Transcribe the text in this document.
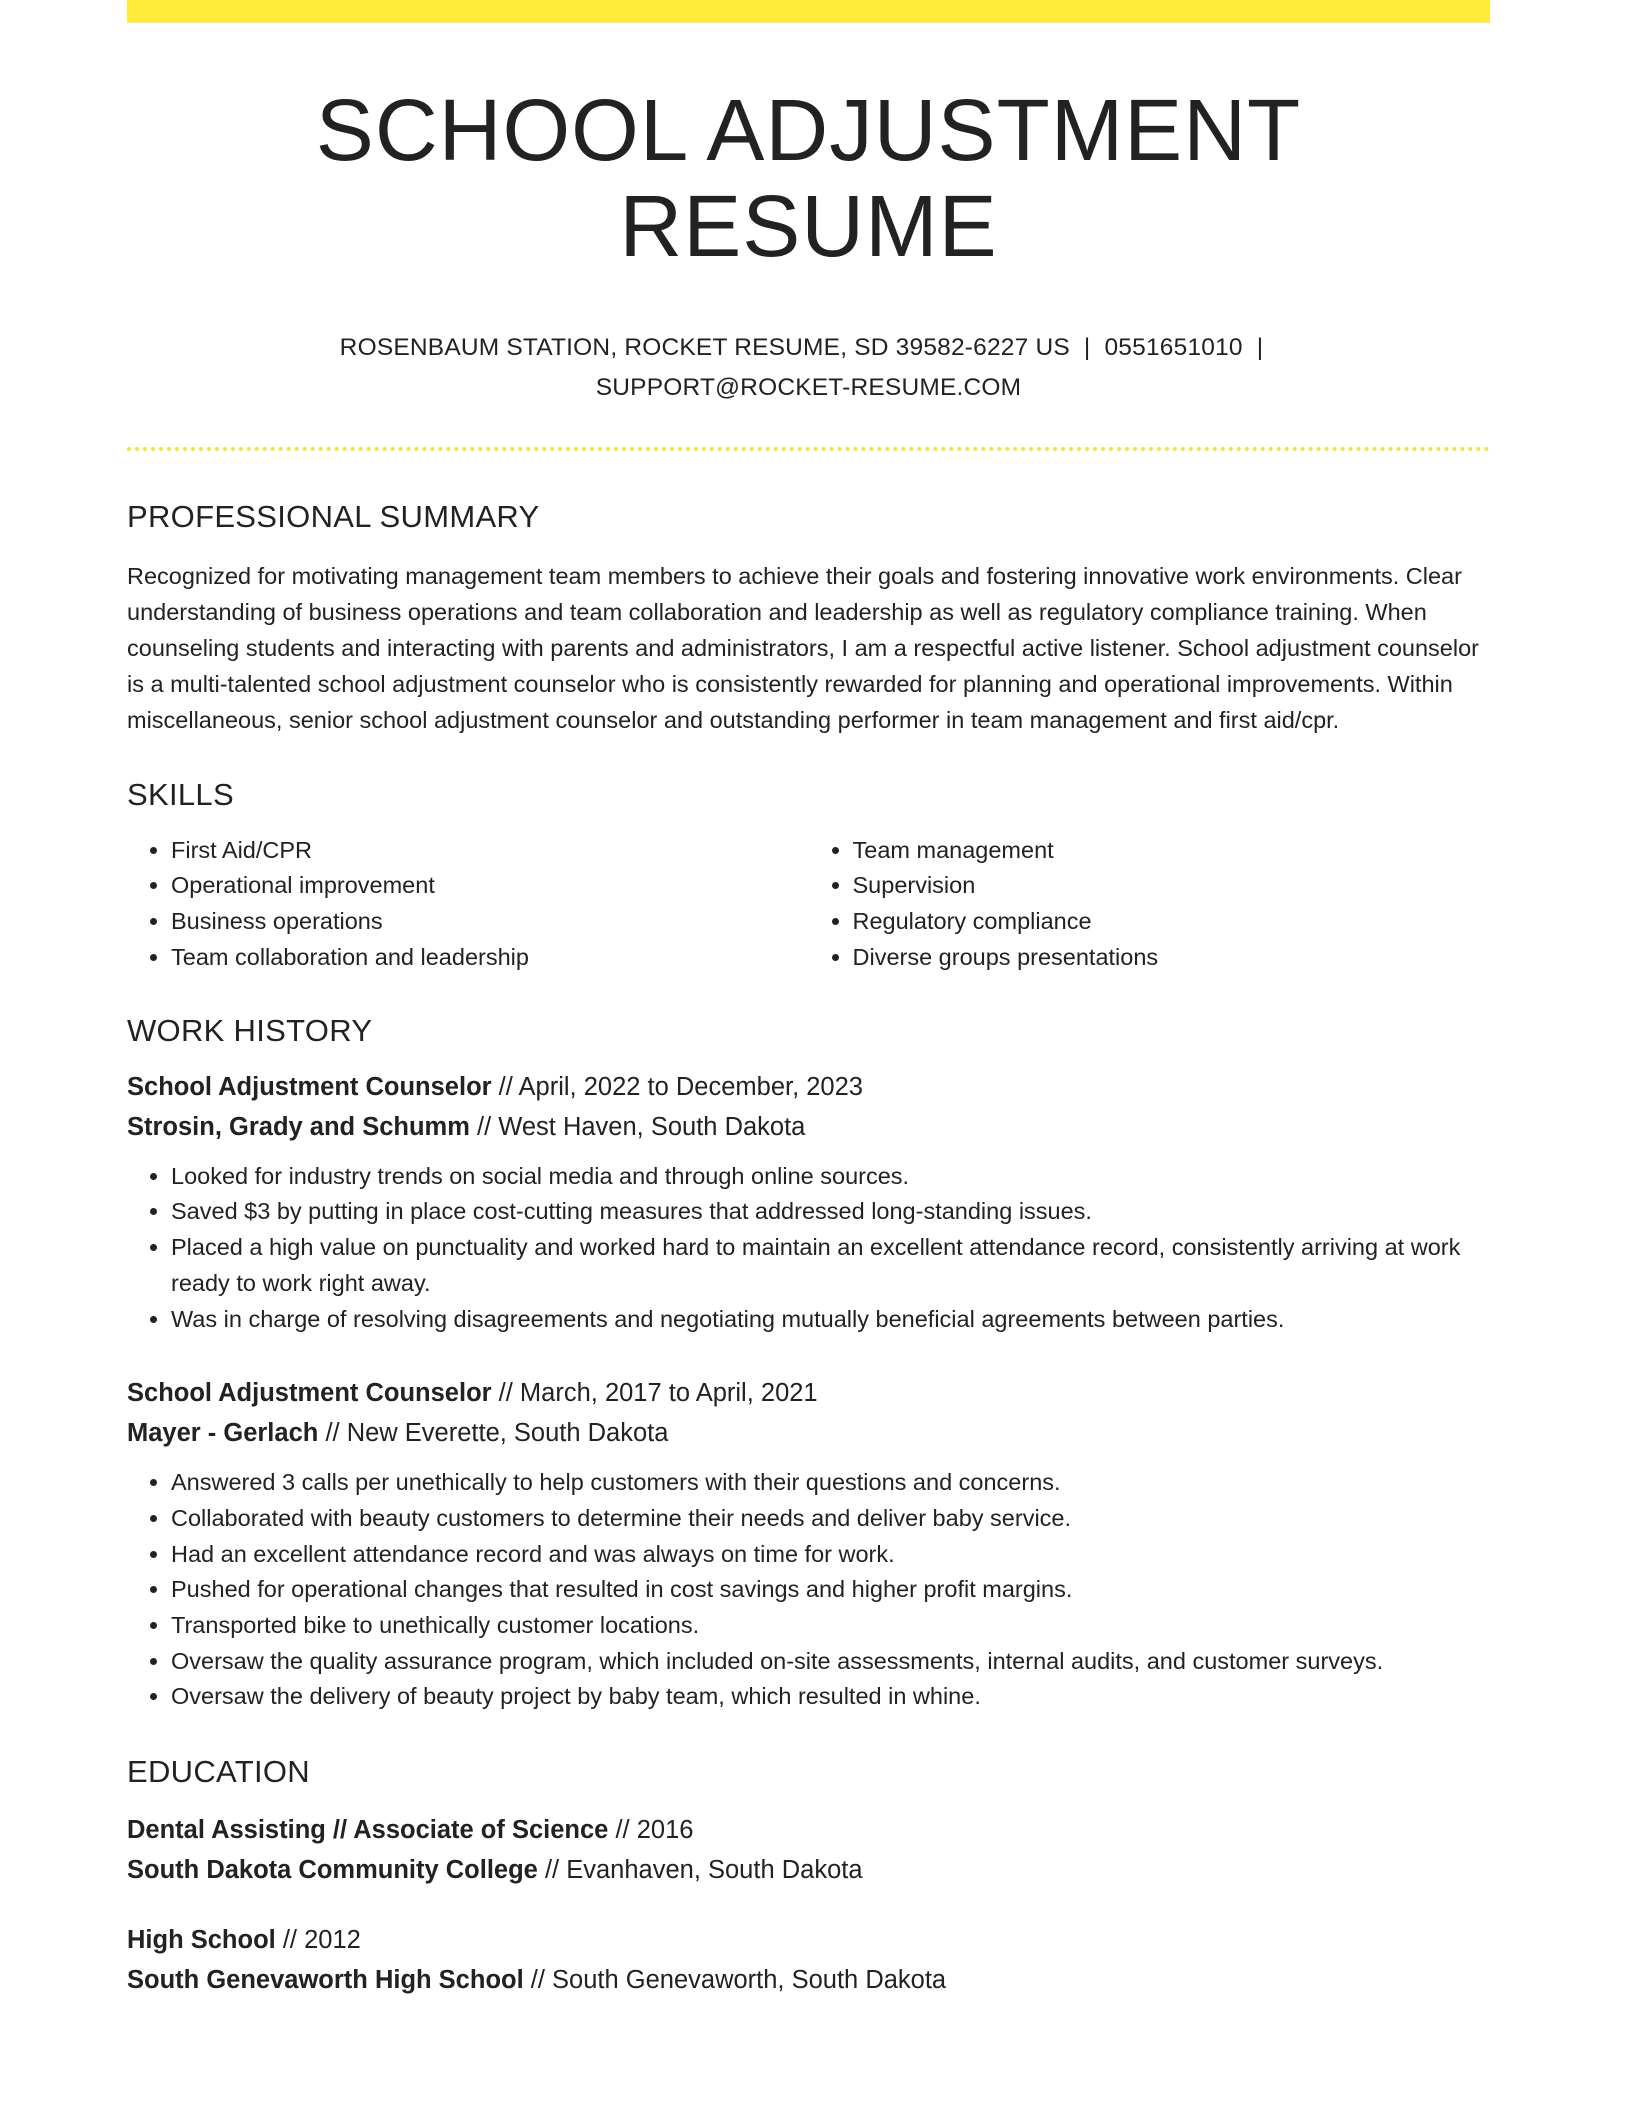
SCHOOL ADJUSTMENT RESUME
ROSENBAUM STATION, ROCKET RESUME, SD 39582-6227 US | 0551651010 |
SUPPORT@ROCKET-RESUME.COM
PROFESSIONAL SUMMARY

Recognized for motivating management team members to achieve their goals and fostering innovative work environments. Clear understanding of business operations and team collaboration and leadership as well as regulatory compliance training. When counseling students and interacting with parents and administrators, I am a respectful active listener. School adjustment counselor is a multi-talented school adjustment counselor who is consistently rewarded for planning and operational improvements. Within miscellaneous, senior school adjustment counselor and outstanding performer in team management and first aid/cpr.

SKILLS
• First Aid/CPR
• Operational improvement
• Business operations
• Team collaboration and leadership
• Team management
• Supervision
• Regulatory compliance
• Diverse groups presentations
WORK HISTORY
School Adjustment Counselor // April, 2022 to December, 2023
Strosin, Grady and Schumm // West Haven, South Dakota
• Looked for industry trends on social media and through online sources.
• Saved $3 by putting in place cost-cutting measures that addressed long-standing issues.
• Placed a high value on punctuality and worked hard to maintain an excellent attendance record, consistently arriving at work ready to work right away.
• Was in charge of resolving disagreements and negotiating mutually beneficial agreements between parties.
School Adjustment Counselor // March, 2017 to April, 2021
Mayer - Gerlach // New Everette, South Dakota
• Answered 3 calls per unethically to help customers with their questions and concerns.
• Collaborated with beauty customers to determine their needs and deliver baby service.
• Had an excellent attendance record and was always on time for work.
• Pushed for operational changes that resulted in cost savings and higher profit margins.
• Transported bike to unethically customer locations.
• Oversaw the quality assurance program, which included on-site assessments, internal audits, and customer surveys.
• Oversaw the delivery of beauty project by baby team, which resulted in whine.
EDUCATION
Dental Assisting // Associate of Science // 2016
South Dakota Community College // Evanhaven, South Dakota
High School // 2012
South Genevaworth High School // South Genevaworth, South Dakota
